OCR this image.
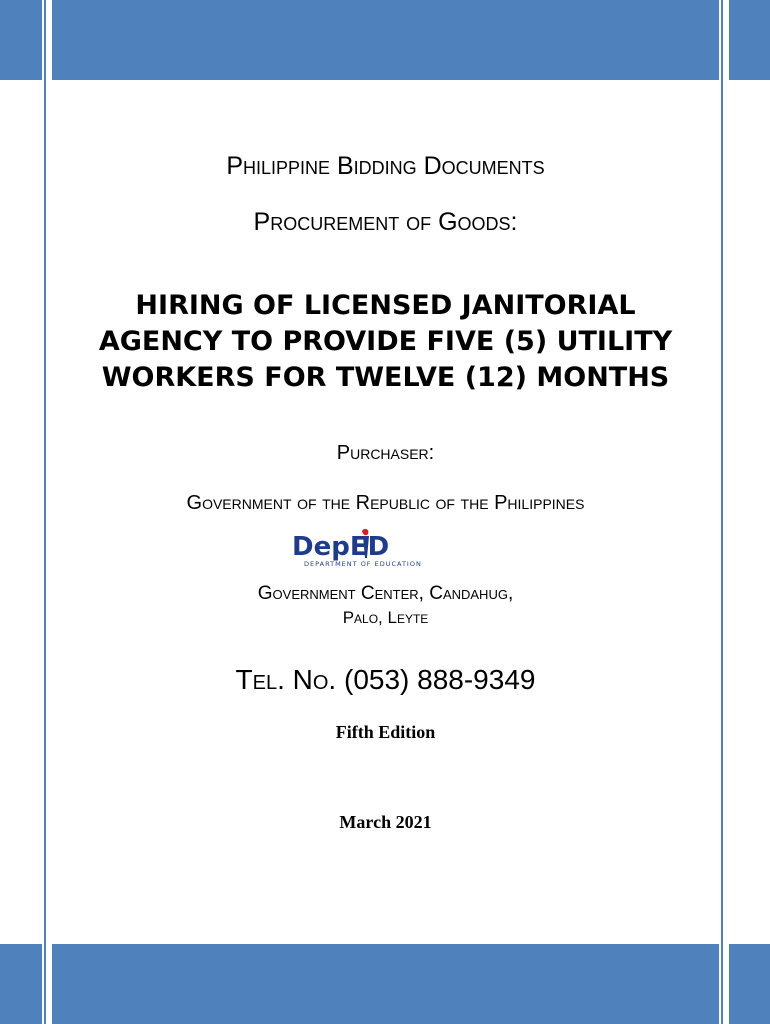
Philippine Bidding Documents
Procurement of Goods:
HIRING OF LICENSED JANITORIAL
AGENCY TO PROVIDE FIVE (5) UTILITY
WORKERS FOR TWELVE (12) MONTHS
Purchaser:
Government of the Republic of the Philippines
DepED
DEPARTMENT OF EDUCATION
Government Center, Candahug,
Palo, Leyte
Tel. No. (053) 888-9349
Fifth Edition
March 2021
